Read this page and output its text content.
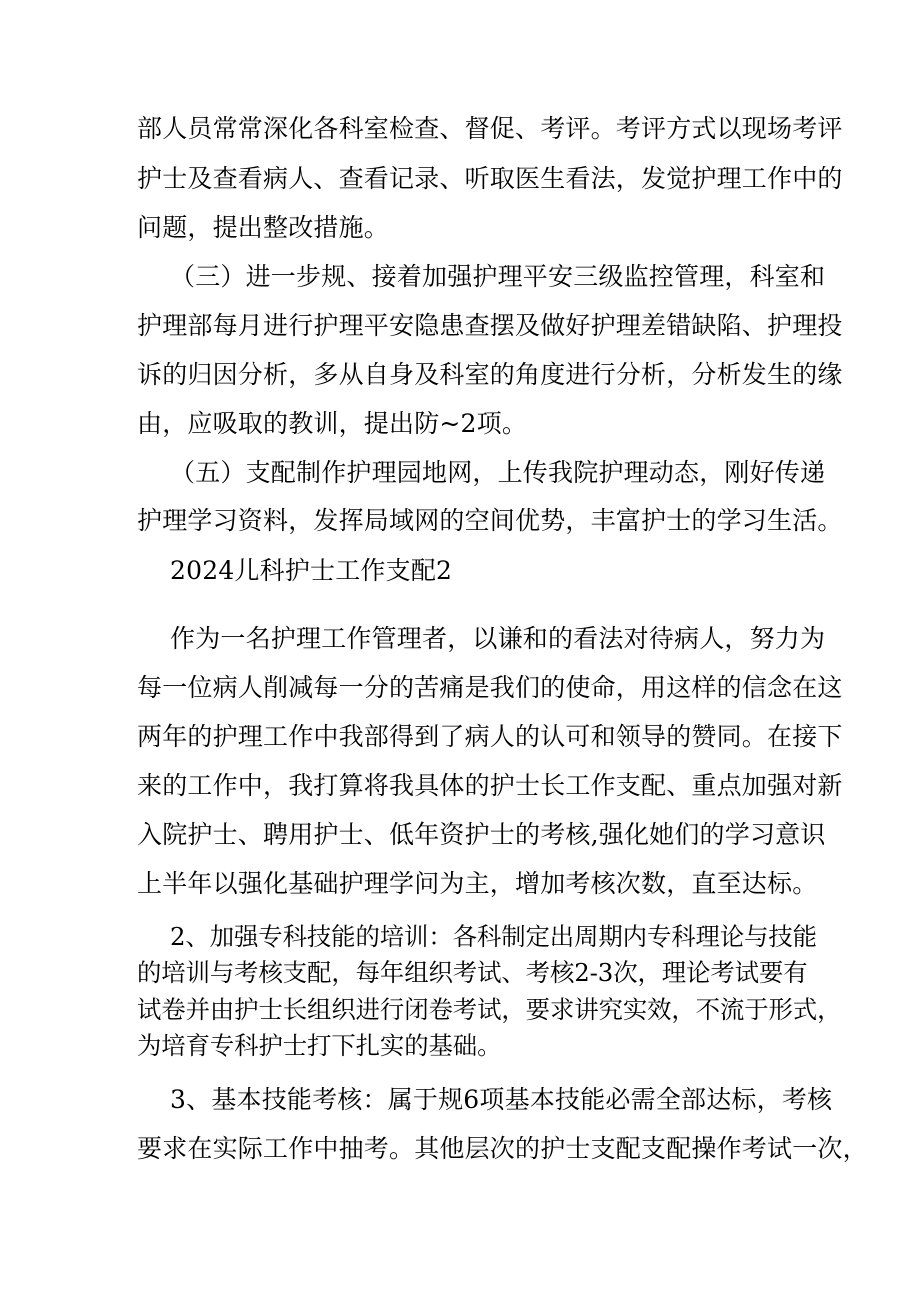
部人员常常深化各科室检查、督促、考评。考评方式以现场考评
护士及查看病人、查看记录、听取医生看法，发觉护理工作中的
问题，提出整改措施。
（三）进一步规、接着加强护理平安三级监控管理，科室和
护理部每月进行护理平安隐患查摆及做好护理差错缺陷、护理投
诉的归因分析，多从自身及科室的角度进行分析，分析发生的缘
由，应吸取的教训，提出防~2项。
（五）支配制作护理园地网，上传我院护理动态，刚好传递
护理学习资料，发挥局域网的空间优势，丰富护士的学习生活。
2024儿科护士工作支配2
作为一名护理工作管理者，以谦和的看法对待病人，努力为
每一位病人削减每一分的苦痛是我们的使命，用这样的信念在这
两年的护理工作中我部得到了病人的认可和领导的赞同。在接下
来的工作中，我打算将我具体的护士长工作支配、重点加强对新
入院护士、聘用护士、低年资护士的考核,强化她们的学习意识
上半年以强化基础护理学问为主，增加考核次数，直至达标。
2、加强专科技能的培训：各科制定出周期内专科理论与技能
的培训与考核支配，每年组织考试、考核2-3次，理论考试要有
试卷并由护士长组织进行闭卷考试，要求讲究实效，不流于形式，
为培育专科护士打下扎实的基础。
3、基本技能考核：属于规6项基本技能必需全部达标，考核
要求在实际工作中抽考。其他层次的护士支配支配操作考试一次，
